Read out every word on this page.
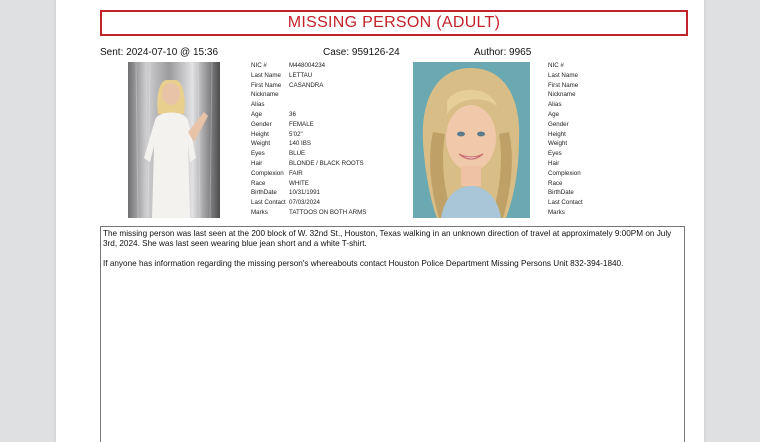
MISSING PERSON (ADULT)
Sent: 2024-07-10 @ 15:36	Case: 959126-24	Author: 9965
NIC #	M448004234
Last Name LETTAU
First Name CASANDRA
Nickname
Alias
Age	36
Gender	FEMALE
Height	5'02"
Weight	140 IBS
Eyes	BLUE
Hair	BLONDE / BLACK ROOTS
Complexion FAIR
Race	WHITE
BirthDate 10/31/1991
Last Contact 07/03/2024
Marks	TATTOOS ON BOTH ARMS
NIC #
Last Name
First Name
Nickname
Alias
Age
Gender
Height
Weight
Eyes
Hair
Complexion
Race
BirthDate
Last Contact
Marks

The missing person was last seen at the 200 block of W. 32nd St., Houston, Texas walking in an unknown direction of travel at approximately 9:00PM on July 3rd, 2024. She was last seen wearing blue jean short and a white T-shirt.

If anyone has information regarding the missing person's whereabouts contact Houston Police Department Missing Persons Unit 832-394-1840.
